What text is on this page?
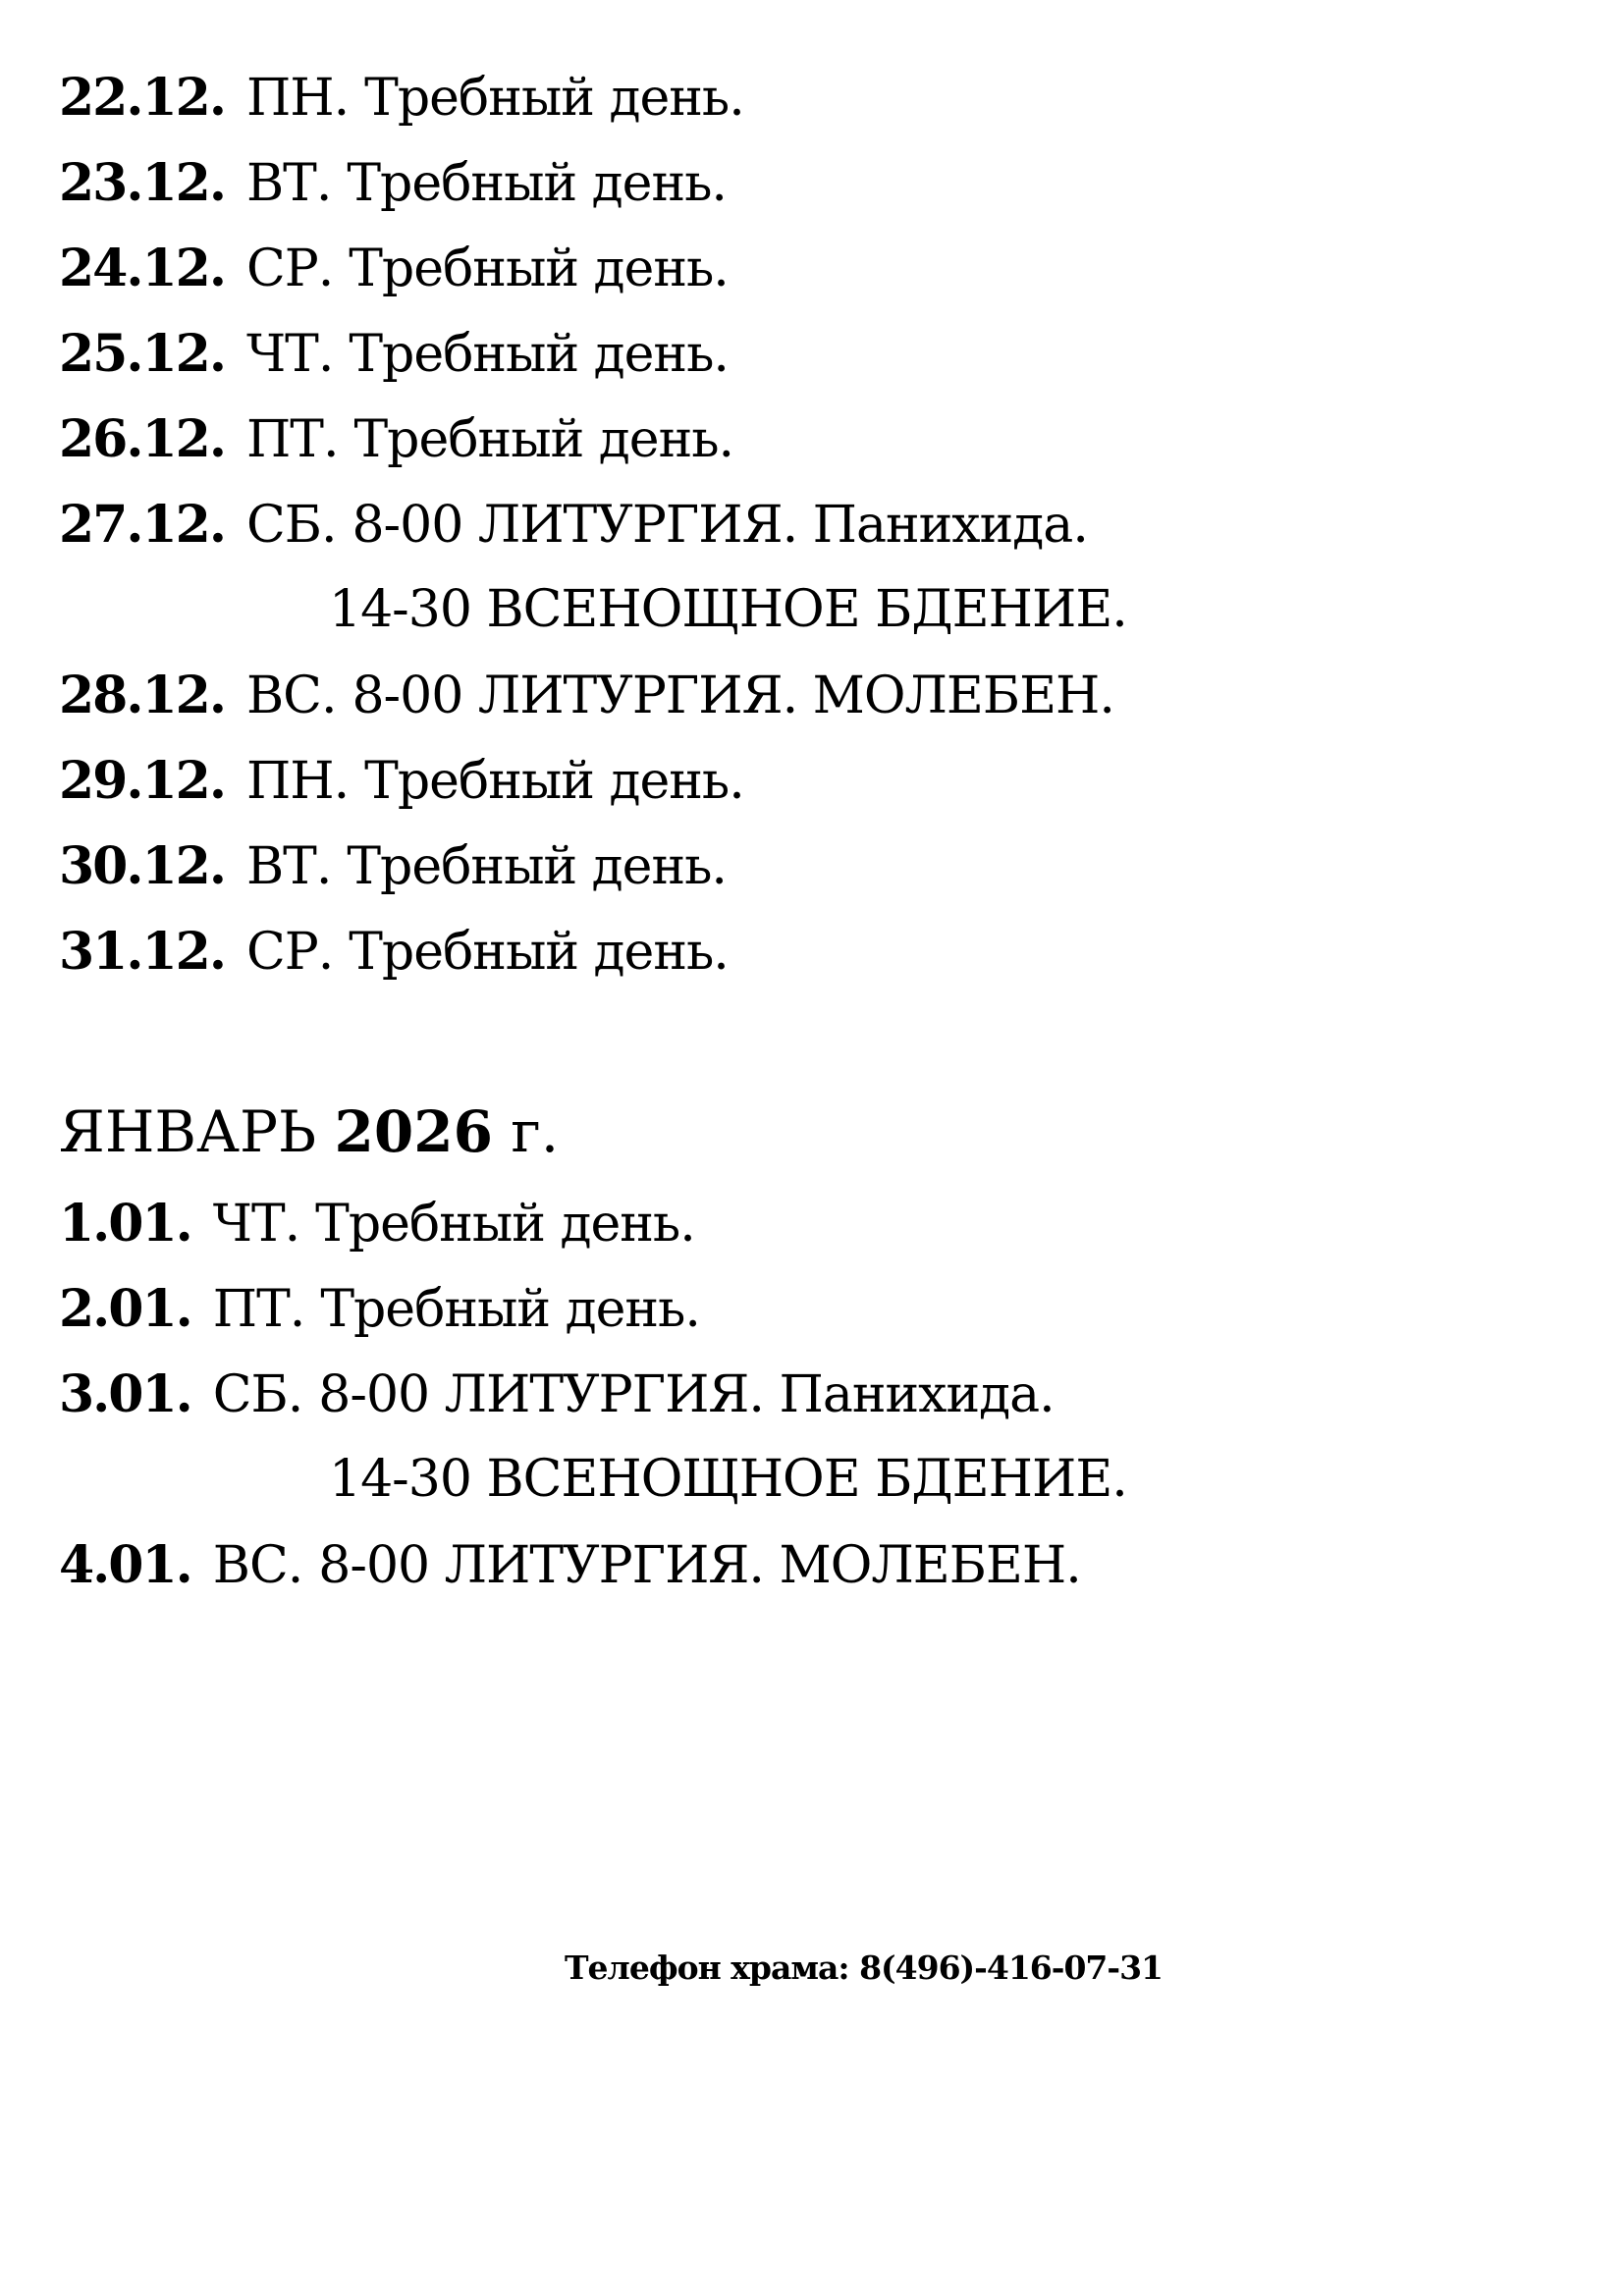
22.12. ПН. Требный день.
23.12. ВТ. Требный день.
24.12. СР. Требный день.
25.12. ЧТ. Требный день.
26.12. ПТ. Требный день.
27.12. СБ. 8-00 ЛИТУРГИЯ. Панихида.
14-30 ВСЕНОЩНОЕ БДЕНИЕ.
28.12. ВС. 8-00 ЛИТУРГИЯ. МОЛЕБЕН.
29.12. ПН. Требный день.
30.12. ВТ. Требный день.
31.12. СР. Требный день.
ЯНВАРЬ 2026 г.
1.01. ЧТ. Требный день.
2.01. ПТ. Требный день.
3.01. СБ. 8-00 ЛИТУРГИЯ. Панихида.
14-30 ВСЕНОЩНОЕ БДЕНИЕ.
4.01. ВС. 8-00 ЛИТУРГИЯ. МОЛЕБЕН.
Телефон храма: 8(496)-416-07-31
